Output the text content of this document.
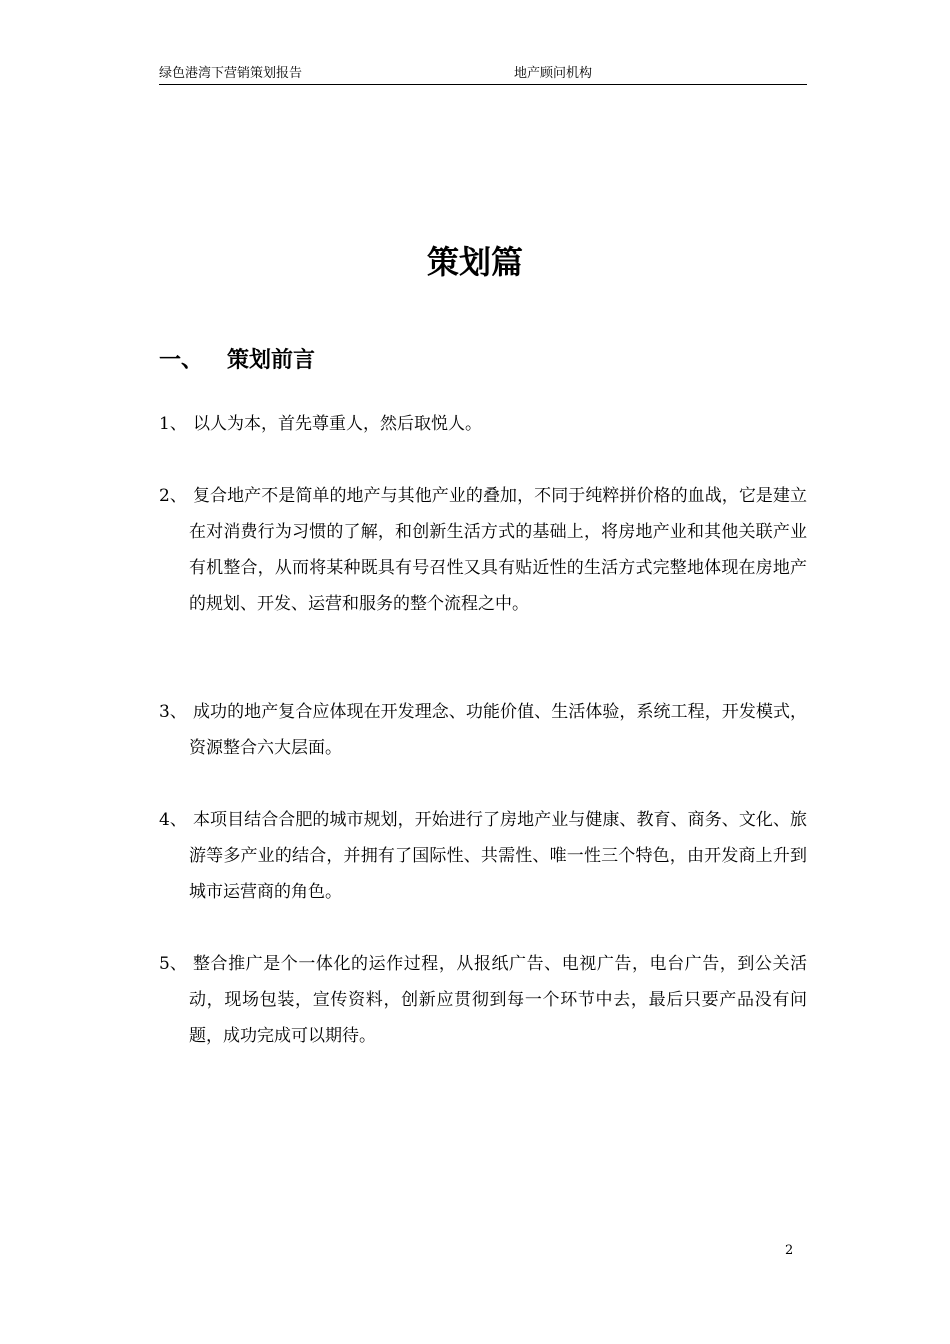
绿色港湾下营销策划报告	地产顾问机构
策划篇
一、 策划前言
1、 以人为本，首先尊重人，然后取悦人。
2、 复合地产不是简单的地产与其他产业的叠加，不同于纯粹拼价格的血战，它是建立在对消费行为习惯的了解，和创新生活方式的基础上，将房地产业和其他关联产业有机整合，从而将某种既具有号召性又具有贴近性的生活方式完整地体现在房地产的规划、开发、运营和服务的整个流程之中。
3、 成功的地产复合应体现在开发理念、功能价值、生活体验，系统工程，开发模式，资源整合六大层面。
4、 本项目结合合肥的城市规划，开始进行了房地产业与健康、教育、商务、文化、旅游等多产业的结合，并拥有了国际性、共需性、唯一性三个特色，由开发商上升到城市运营商的角色。
5、 整合推广是个一体化的运作过程，从报纸广告、电视广告，电台广告，到公关活动，现场包装，宣传资料，创新应贯彻到每一个环节中去，最后只要产品没有问题，成功完成可以期待。
2
